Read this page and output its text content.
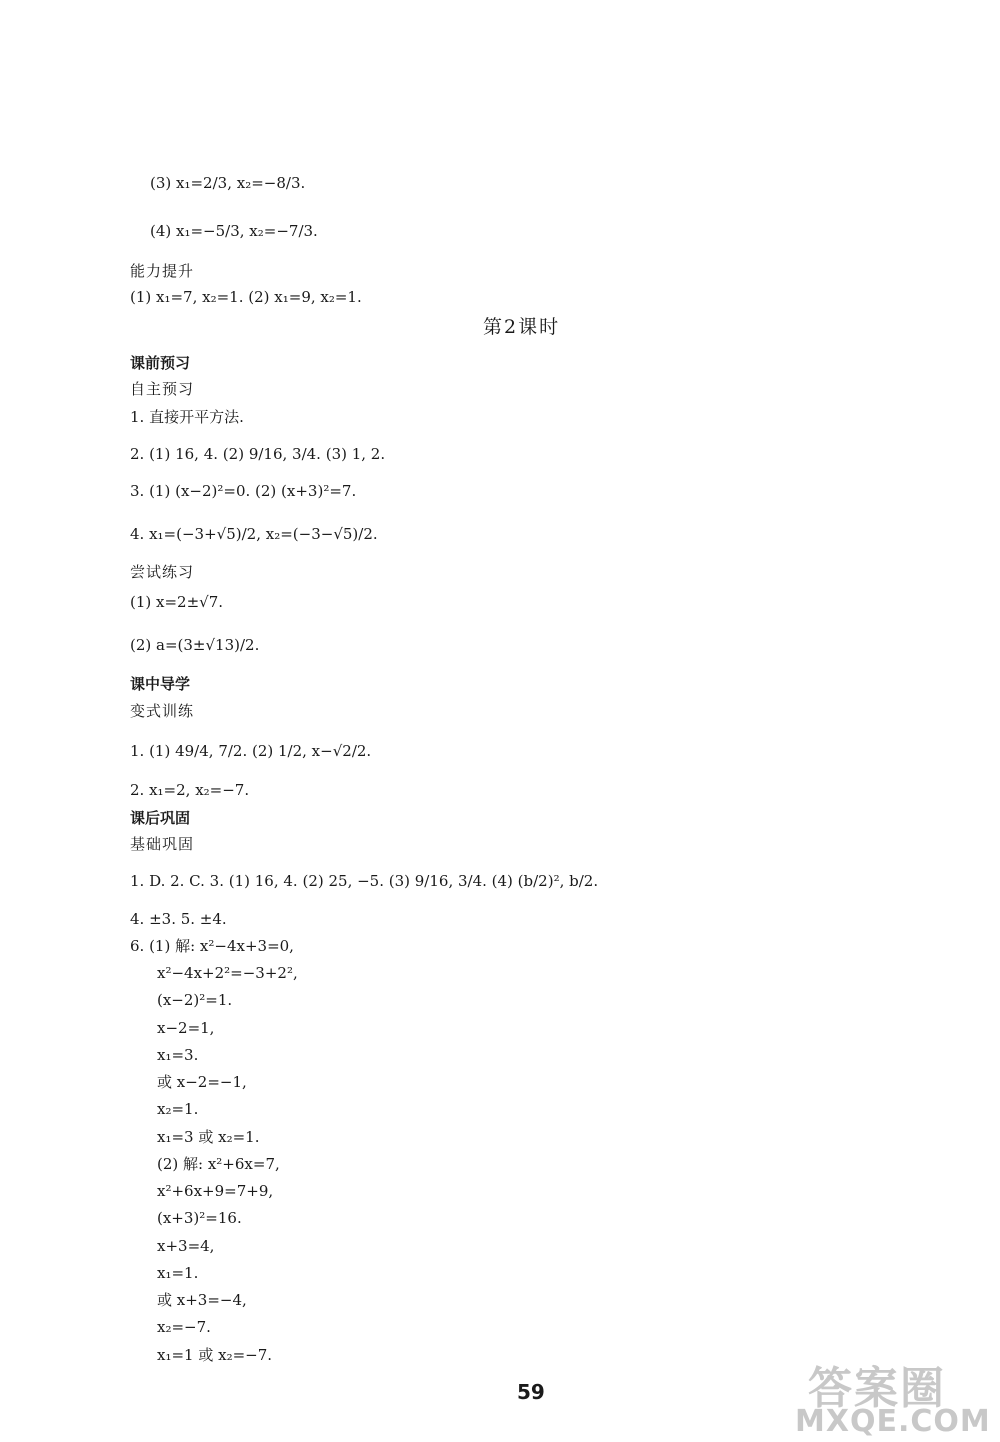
(3) x₁=2/3, x₂=−8/3.
(4) x₁=−5/3, x₂=−7/3.
能力提升
(1) x₁=7, x₂=1. (2) x₁=9, x₂=1.
第2课时
课前预习
自主预习
1. 直接开平方法.
2. (1) 16, 4. (2) 9/16, 3/4. (3) 1, 2.
3. (1) (x−2)²=0. (2) (x+3)²=7.
4. x₁=(−3+√5)/2, x₂=(−3−√5)/2.
尝试练习
(1) x=2±√7.
(2) a=(3±√13)/2.
课中导学
变式训练
1. (1) 49/4, 7/2. (2) 1/2, x−√2/2.
2. x₁=2, x₂=−7.
课后巩固
基础巩固
1. D. 2. C. 3. (1) 16, 4. (2) 25, −5. (3) 9/16, 3/4. (4) (b/2)², b/2.
4. ±3. 5. ±4.
6. (1) 解: x²−4x+3=0,
x²−4x+2²=−3+2²,
(x−2)²=1.
x−2=1,
x₁=3.
或 x−2=−1,
x₂=1.
x₁=3 或 x₂=1.
(2) 解: x²+6x=7,
x²+6x+9=7+9,
(x+3)²=16.
x+3=4,
x₁=1.
或 x+3=−4,
x₂=−7.
x₁=1 或 x₂=−7.
59	答案圈
MXQE.COM
